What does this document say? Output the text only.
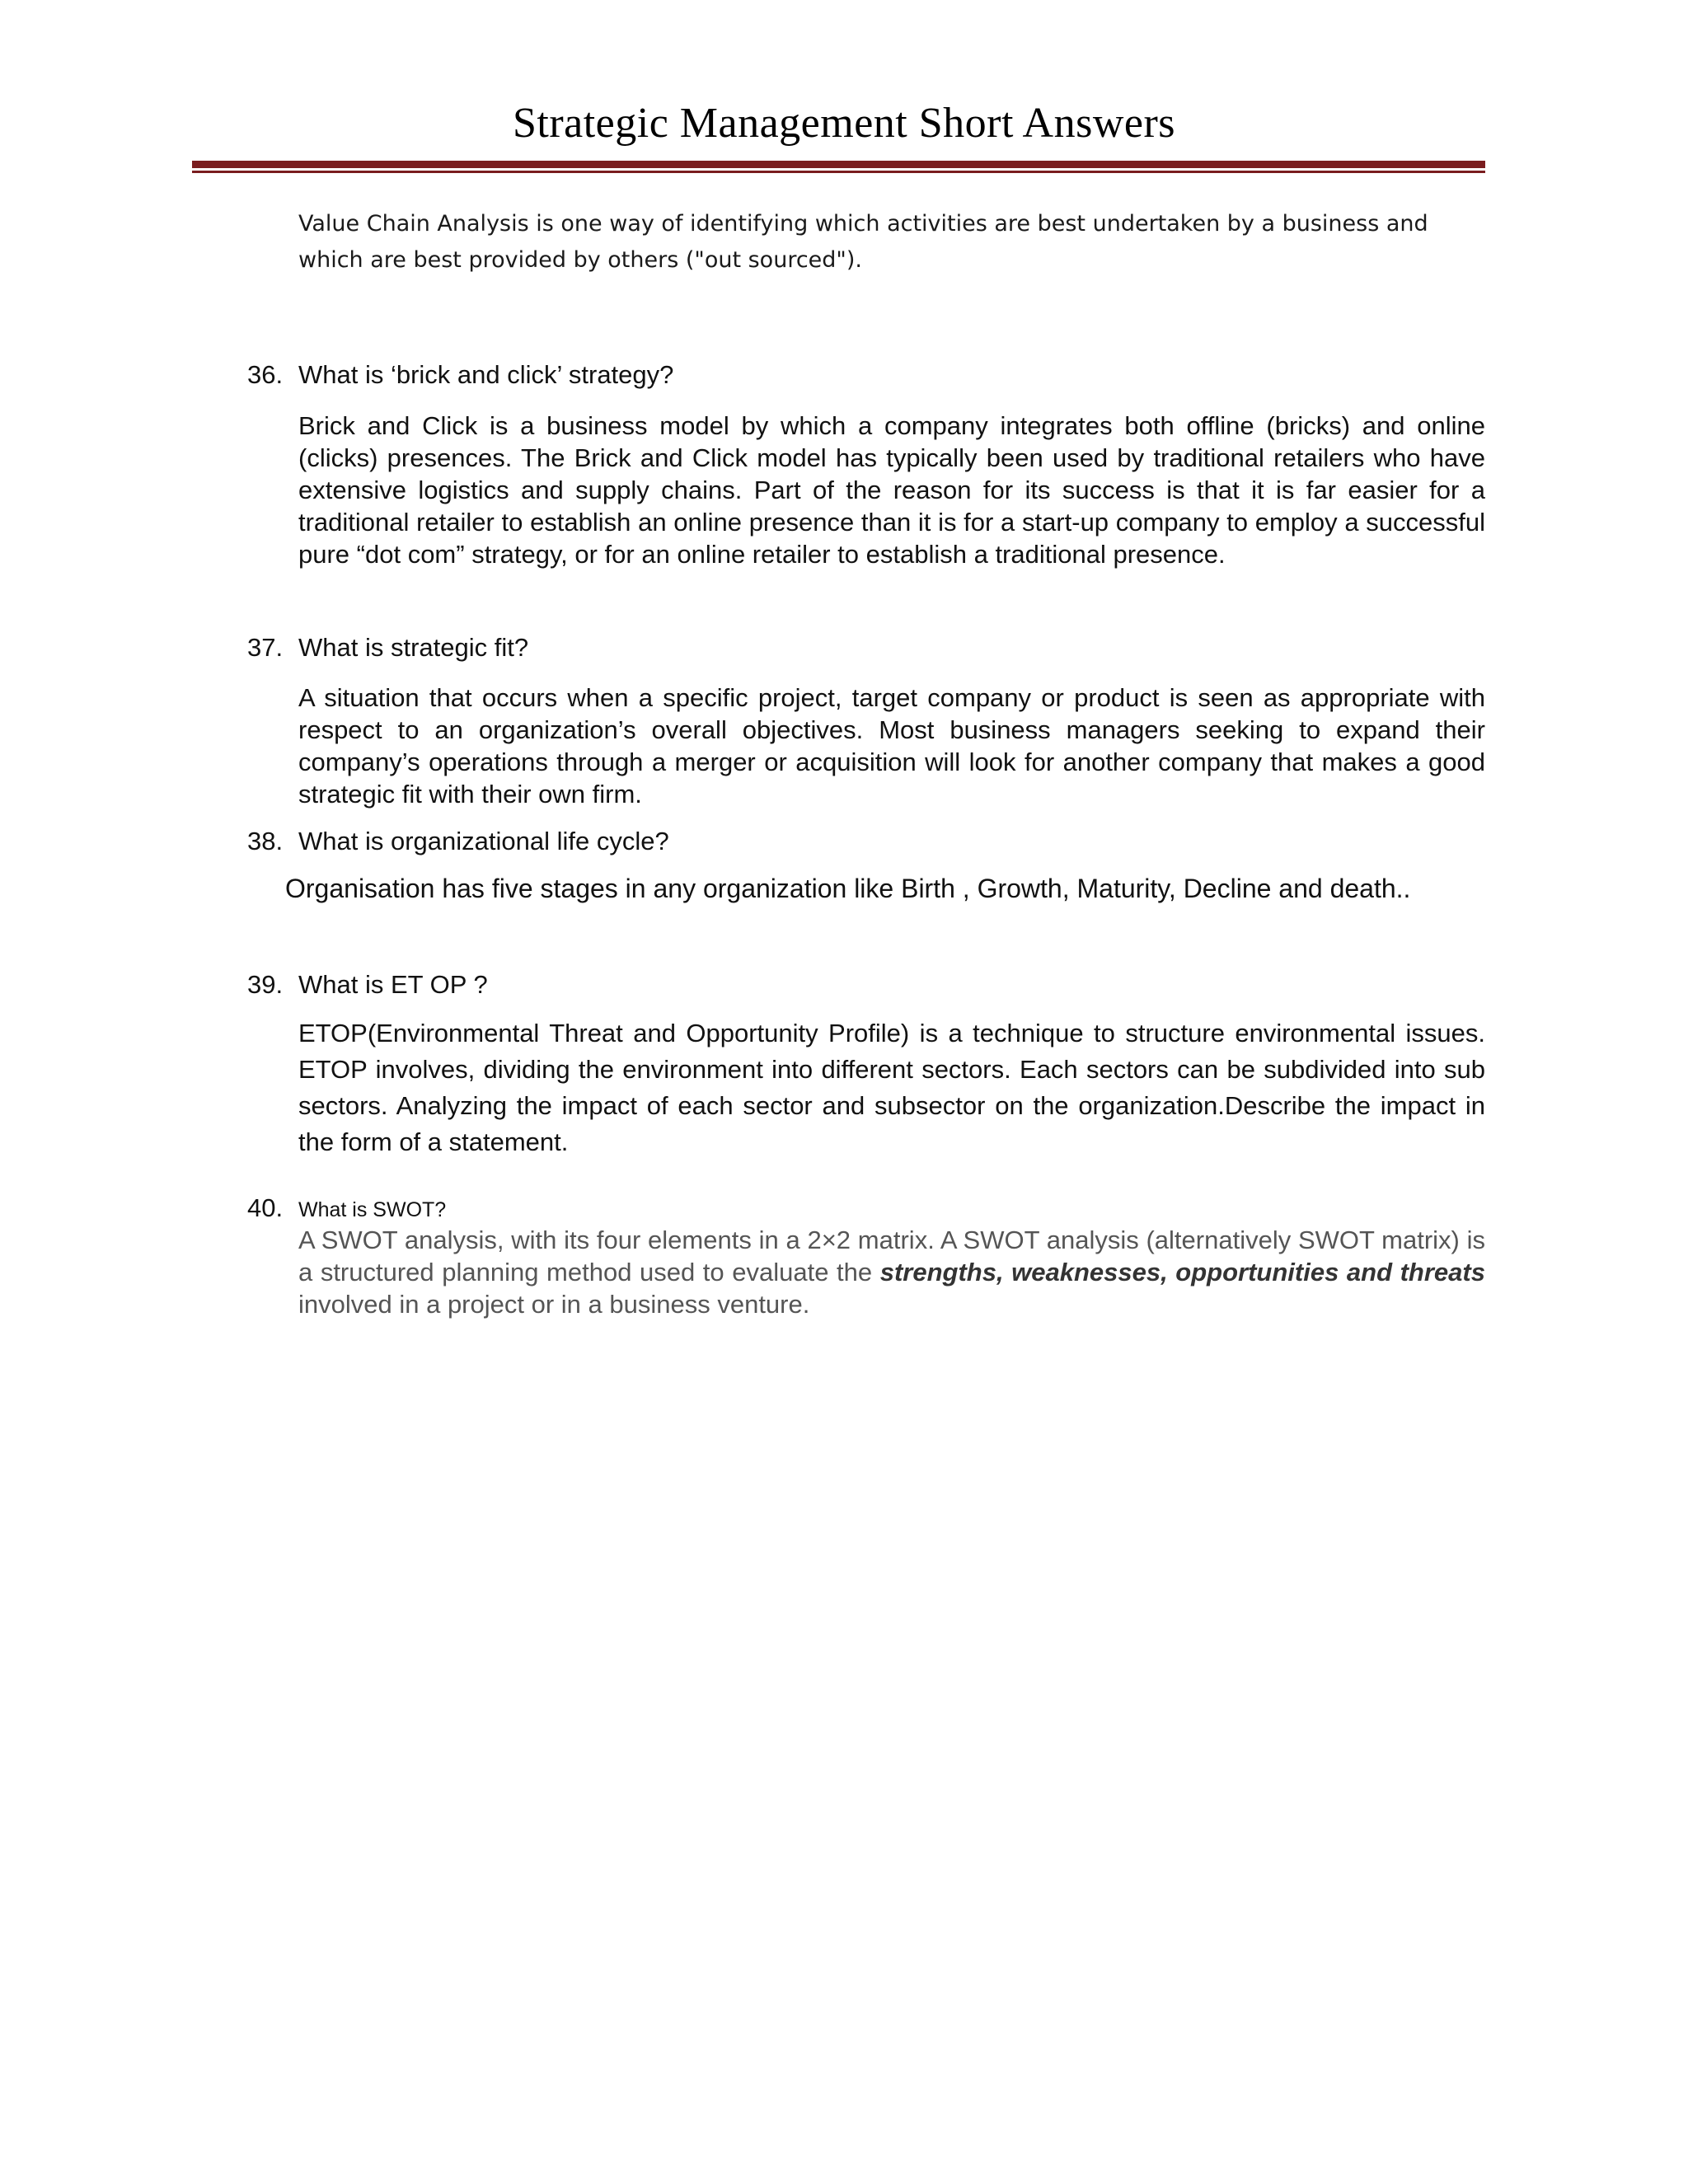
Strategic Management Short Answers
Value Chain Analysis is one way of identifying which activities are best undertaken by a business and which are best provided by others ("out sourced").
36. What is ‘brick and click’ strategy?
Brick and Click is a business model by which a company integrates both offline (bricks) and online (clicks) presences. The Brick and Click model has typically been used by traditional retailers who have extensive logistics and supply chains. Part of the reason for its success is that it is far easier for a traditional retailer to establish an online presence than it is for a start-up company to employ a successful pure “dot com” strategy, or for an online retailer to establish a traditional presence.
37. What is strategic fit?
A situation that occurs when a specific project, target company or product is seen as appropriate with respect to an organization’s overall objectives. Most business managers seeking to expand their company’s operations through a merger or acquisition will look for another company that makes a good strategic fit with their own firm.
38. What is organizational life cycle?
Organisation has five stages in any organization like Birth , Growth, Maturity, Decline and death..
39. What is ET OP ?
ETOP(Environmental Threat and Opportunity Profile) is a technique to structure environmental issues. ETOP involves, dividing the environment into different sectors. Each sectors can be subdivided into sub sectors. Analyzing the impact of each sector and subsector on the organization.Describe the impact in the form of a statement.
40. What is SWOT?
A SWOT analysis, with its four elements in a 2×2 matrix. A SWOT analysis (alternatively SWOT matrix) is a structured planning method used to evaluate the strengths, weaknesses, opportunities and threats involved in a project or in a business venture.
